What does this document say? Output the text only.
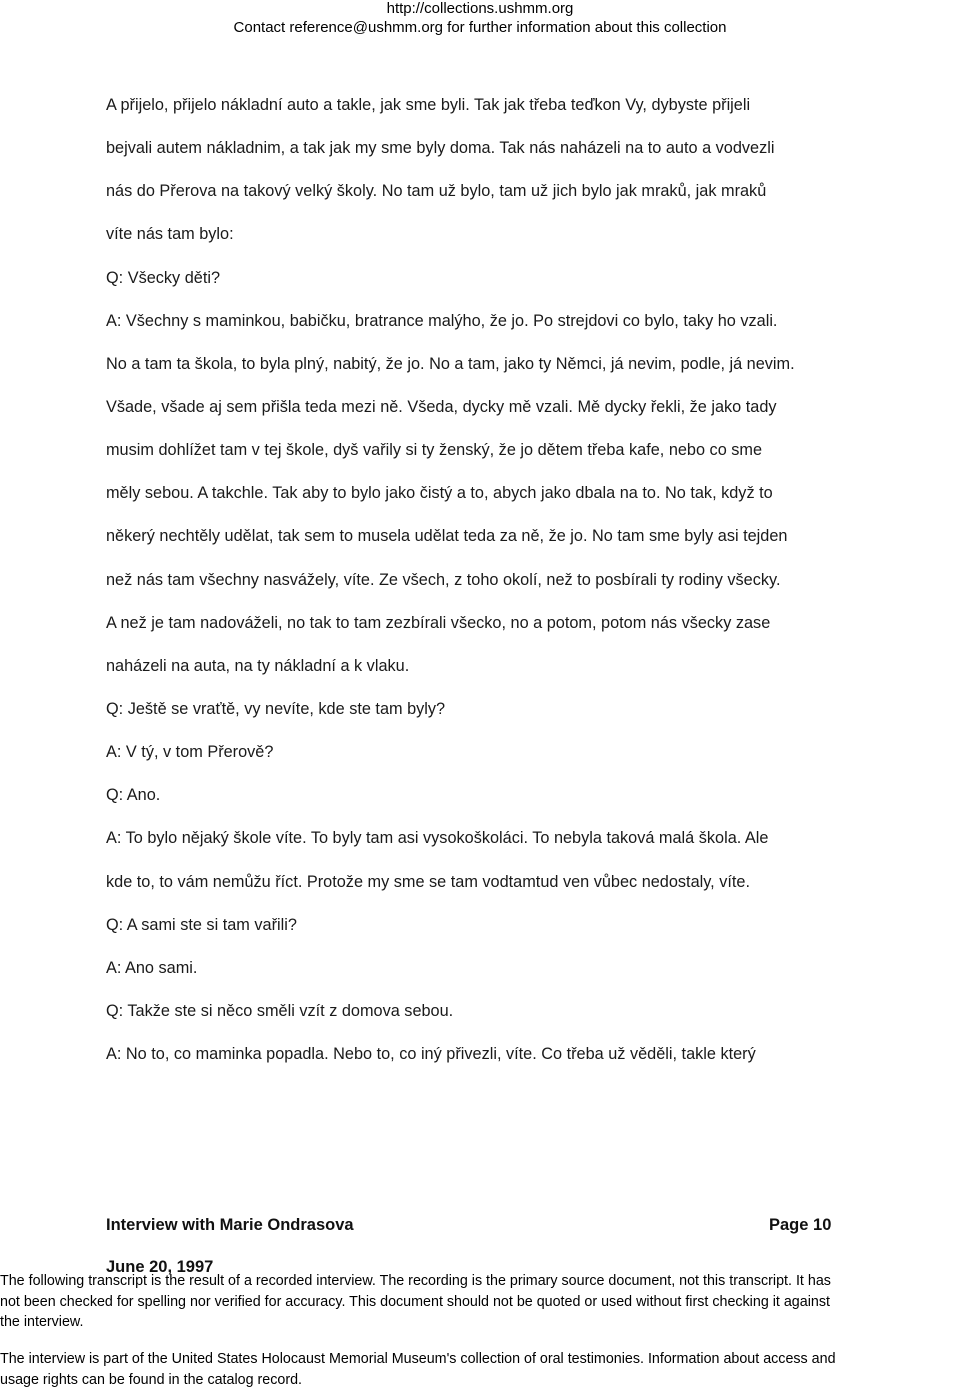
http://collections.ushmm.org
Contact reference@ushmm.org for further information about this collection
A přijelo, přijelo nákladní auto a takle, jak sme byli. Tak jak třeba teďkon Vy, dybyste přijeli
bejvali autem nákladnim, a tak jak my sme byly doma. Tak nás naházeli na to auto a vodvezli
nás do Přerova na takový velký školy. No tam už bylo, tam už jich bylo jak mraků, jak mraků
víte nás tam bylo:
Q: Všecky děti?
A: Všechny s maminkou, babičku, bratrance malýho, že jo. Po strejdovi co bylo, taky ho vzali.
No a tam ta škola, to byla plný, nabitý, že jo. No a tam, jako ty Němci, já nevim, podle, já nevim.
Všade, všade aj sem přišla teda mezi ně. Všeda, dycky mě vzali. Mě dycky řekli, že jako tady
musim dohlížet tam v tej škole, dyš vařily si ty ženský, že jo dětem třeba kafe, nebo co sme
měly sebou. A takchle. Tak aby to bylo jako čistý a to, abych jako dbala na to. No tak, když to
někerý nechtěly udělat, tak sem to musela udělat teda za ně, že jo. No tam sme byly asi tejden
než nás tam všechny nasvážely, víte. Ze všech, z toho okolí, než to posbírali ty rodiny všecky.
A než je tam nadováželi, no tak to tam zezbírali všecko, no a potom, potom nás všecky zase
naházeli na auta, na ty nákladní a k vlaku.
Q: Ještě se vraťtě, vy nevíte, kde ste tam byly?
A: V tý, v tom Přerově?
Q: Ano.
A: To bylo nějaký škole víte. To byly tam asi vysokoškoláci. To nebyla taková malá škola. Ale
kde to, to vám nemůžu říct. Protože my sme se tam vodtamtud ven vůbec nedostaly, víte.
Q: A sami ste si tam vařili?
A: Ano sami.
Q: Takže ste si něco směli vzít z domova sebou.
A: No to, co maminka popadla. Nebo to, co iný přivezli, víte. Co třeba už věděli, takle který
Interview with Marie Ondrasova	Page 10
June 20, 1997
The following transcript is the result of a recorded interview. The recording is the primary source document, not this transcript. It has
not been checked for spelling nor verified for accuracy. This document should not be quoted or used without first checking it against
the interview.
The interview is part of the United States Holocaust Memorial Museum's collection of oral testimonies. Information about access and
usage rights can be found in the catalog record.
